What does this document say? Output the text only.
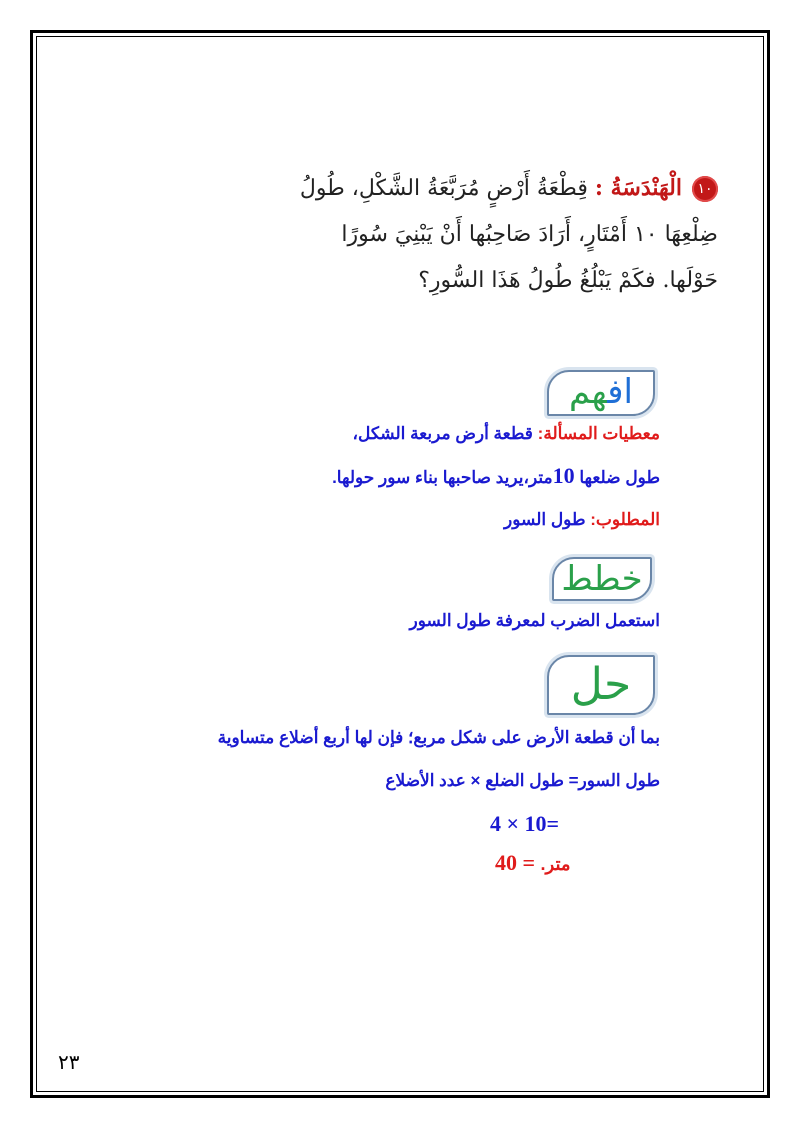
١٠الْهَنْدَسَةُ : قِطْعَةُ أَرْضٍ مُرَبَّعَةُ الشَّكْلِ، طُولُ
ضِلْعِهَا ١٠ أَمْتَارٍ، أَرَادَ صَاحِبُها أَنْ يَبْنِيَ سُورًا
حَوْلَها. فكَمْ يَبْلُغُ طُولُ هَذَا السُّورِ؟
افهم
معطيات المسألة: قطعة أرض مربعة الشكل،
طول ضلعها 10متر،يريد صاحبها بناء سور حولها.
المطلوب: طول السور
خطط
استعمل الضرب لمعرفة طول السور
حل
بما أن قطعة الأرض على شكل مربع؛ فإن لها أربع أضلاع متساوية
طول السور= طول الضلع × عدد الأضلاع
4 × 10=
متر. = 40
٢٣
